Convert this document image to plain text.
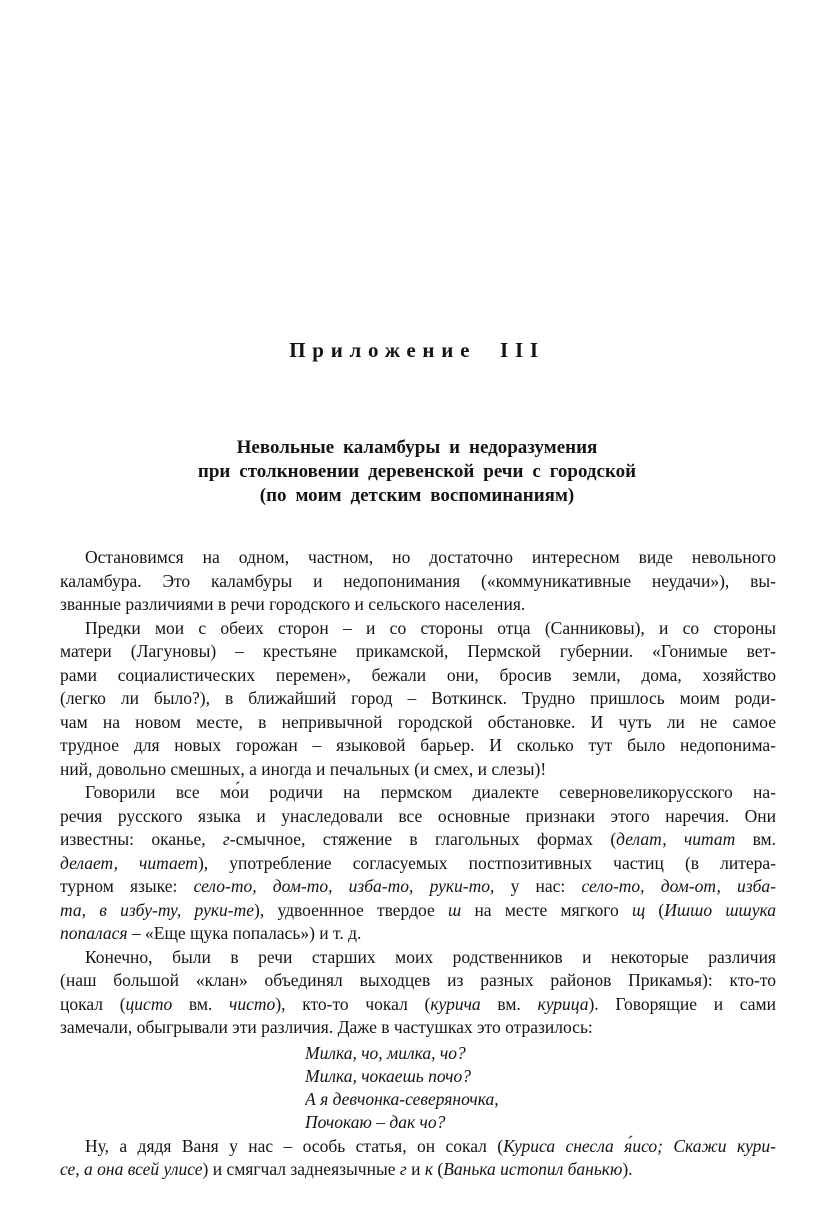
Приложение  III
Невольные каламбуры и недоразумения
при столкновении деревенской речи с городской
(по моим детским воспоминаниям)
Остановимся на одном, частном, но достаточно интересном виде невольного
каламбура. Это каламбуры и недопонимания («коммуникативные неудачи»), вы-
званные различиями в речи городского и сельского населения.
Предки мои с обеих сторон – и со стороны отца (Санниковы), и со стороны
матери (Лагуновы) – крестьяне прикамской, Пермской губернии. «Гонимые вет-
рами социалистических перемен», бежали они, бросив земли, дома, хозяйство
(легко ли было?), в ближайший город – Воткинск. Трудно пришлось моим роди-
чам на новом месте, в непривычной городской обстановке. И чуть ли не самое
трудное для новых горожан – языковой барьер. И сколько тут было недопонима-
ний, довольно смешных, а иногда и печальных (и смех, и слезы)!
Говорили все мо́и родичи на пермском диалекте северновеликорусского на-
речия русского языка и унаследовали все основные признаки этого наречия. Они
известны: оканье, г-смычное, стяжение в глагольных формах (делат, читат вм.
делает, читает), употребление согласуемых постпозитивных частиц (в литера-
турном языке: село-то, дом-то, изба-то, руки-то, у нас: село-то, дом-от, изба-
та, в избу-ту, руки-те), удвоеннное твердое ш на месте мягкого щ (Ишшо шшука
попалася – «Еще щука попалась») и т. д.
Конечно, были в речи старших моих родственников и некоторые различия
(наш большой «клан» объединял выходцев из разных районов Прикамья): кто-то
цокал (цисто вм. чисто), кто-то чокал (курича вм. курица). Говорящие и сами
замечали, обыгрывали эти различия. Даже в частушках это отразилось:
Милка, чо, милка, чо?
Милка, чокаешь почо?
А я девчонка-северяночка,
Почокаю – дак чо?
Ну, а дядя Ваня у нас – особь статья, он сокал (Куриса снесла я́исо; Скажи кури-
се, а она всей улисе) и смягчал заднеязычные г и к (Ванька истопил банькю).
